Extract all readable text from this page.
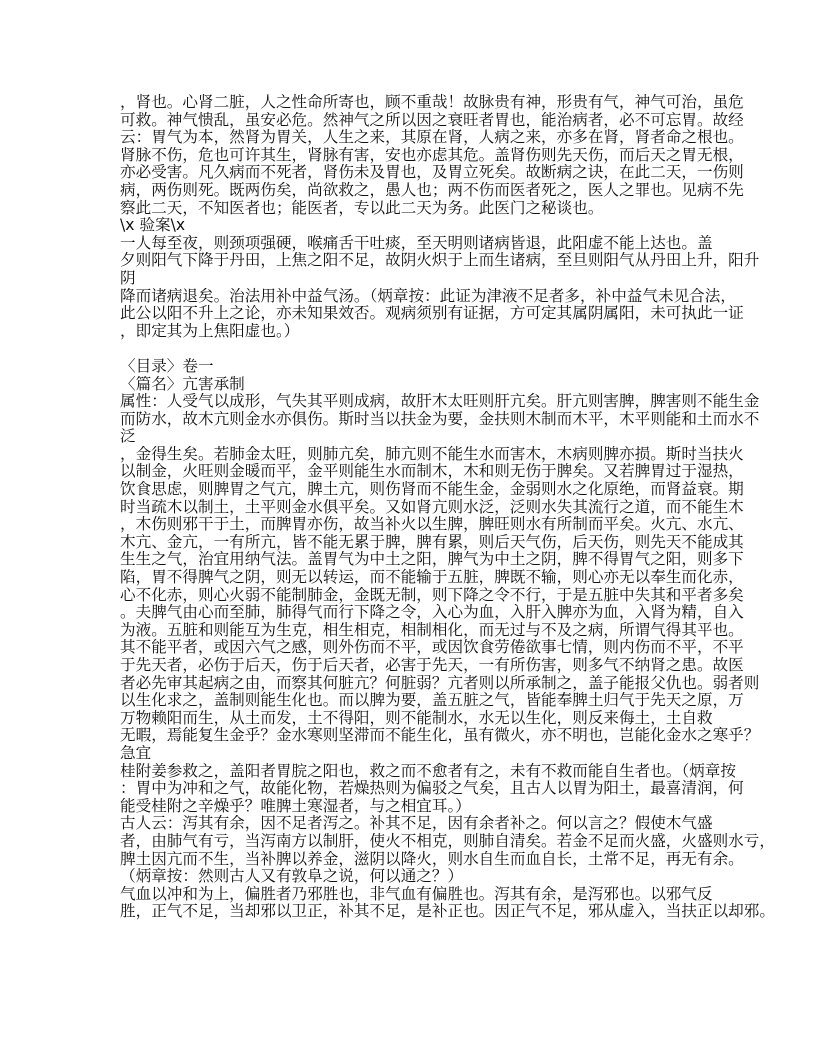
，肾也。心肾二脏，人之性命所寄也，顾不重哉！故脉贵有神，形贵有气，神气可治，虽危
可救。神气愦乱，虽安必危。然神气之所以因之衰旺者胃也，能治病者，必不可忘胃。故经
云：胃气为本，然肾为胃关，人生之来，其原在肾，人病之来，亦多在肾，肾者命之根也。
肾脉不伤，危也可许其生，肾脉有害，安也亦虑其危。盖肾伤则先天伤，而后天之胃无根，
亦必受害。凡久病而不死者，肾伤未及胃也，及胃立死矣。故断病之诀，在此二天，一伤则
病，两伤则死。既两伤矣，尚欲救之，愚人也；两不伤而医者死之，医人之罪也。见病不先
察此二天，不知医者也；能医者，专以此二天为务。此医门之秘谈也。
\x 验案\x
一人每至夜，则颈项强硬，喉痛舌干吐痰，至天明则诸病皆退，此阳虚不能上达也。盖
夕则阳气下降于丹田，上焦之阳不足，故阴火炽于上而生诸病，至旦则阳气从丹田上升，阳升
阴
降而诸病退矣。治法用补中益气汤。（炳章按：此证为津液不足者多，补中益气未见合法，
此公以阳不升上之论，亦未知果效否。观病须别有证据，方可定其属阴属阳，未可执此一证
，即定其为上焦阳虚也。）
〈目录〉卷一
〈篇名〉亢害承制
属性：人受气以成形，气失其平则成病，故肝木太旺则肝亢矣。肝亢则害脾，脾害则不能生金
而防水，故木亢则金水亦俱伤。斯时当以扶金为要，金扶则木制而木平，木平则能和土而水不
泛
，金得生矣。若肺金太旺，则肺亢矣，肺亢则不能生水而害木，木病则脾亦损。斯时当扶火
以制金，火旺则金暖而平，金平则能生水而制木，木和则无伤于脾矣。又若脾胃过于湿热，
饮食思虑，则脾胃之气亢，脾土亢，则伤肾而不能生金，金弱则水之化原绝，而肾益衰。期
时当疏木以制土，土平则金水俱平矣。又如肾亢则水泛，泛则水失其流行之道，而不能生木
，木伤则邪干于土，而脾胃亦伤，故当补火以生脾，脾旺则水有所制而平矣。火亢、水亢、
木亢、金亢，一有所亢，皆不能无累于脾，脾有累，则后天气伤，后天伤，则先天不能成其
生生之气，治宜用纳气法。盖胃气为中土之阳，脾气为中土之阴，脾不得胃气之阳，则多下
陷，胃不得脾气之阴，则无以转运，而不能输于五脏，脾既不输，则心亦无以奉生而化赤，
心不化赤，则心火弱不能制肺金，金既无制，则下降之令不行，于是五脏中失其和平者多矣
。夫脾气由心而至肺，肺得气而行下降之令，入心为血，入肝入脾亦为血，入肾为精，自入
为液。五脏和则能互为生克，相生相克，相制相化，而无过与不及之病，所谓气得其平也。
其不能平者，或因六气之感，则外伤而不平，或因饮食劳倦欲事七情，则内伤而不平，不平
于先天者，必伤于后天，伤于后天者，必害于先天，一有所伤害，则多气不纳肾之患。故医
者必先审其起病之由，而察其何脏亢？何脏弱？亢者则以所承制之，盖子能报父仇也。弱者则
以生化求之，盖制则能生化也。而以脾为要，盖五脏之气，皆能奉脾土归气于先天之原，万
万物赖阳而生，从土而发，土不得阳，则不能制水，水无以生化，则反来侮土，土自救
无暇，焉能复生金乎？金水寒则坚滞而不能生化，虽有微火，亦不明也，岂能化金水之寒乎？
急宜
桂附姜参救之，盖阳者胃脘之阳也，救之而不愈者有之，未有不救而能自生者也。（炳章按
：胃中为冲和之气，故能化物，若燥热则为偏驳之气矣，且古人以胃为阳土，最喜清润，何
能受桂附之辛燥乎？唯脾土寒湿者，与之相宜耳。）
古人云：泻其有余，因不足者泻之。补其不足，因有余者补之。何以言之？假使木气盛
者，由肺气有亏，当泻南方以制肝，使火不相克，则肺自清矣。若金不足而火盛，火盛则水亏，
脾土因亢而不生，当补脾以养金，滋阴以降火，则水自生而血自长，土常不足，再无有余。
（炳章按：然则古人又有敦阜之说，何以通之？）
气血以冲和为上，偏胜者乃邪胜也，非气血有偏胜也。泻其有余，是泻邪也。以邪气反
胜，正气不足，当却邪以卫正，补其不足，是补正也。因正气不足，邪从虚入，当扶正以却邪。
